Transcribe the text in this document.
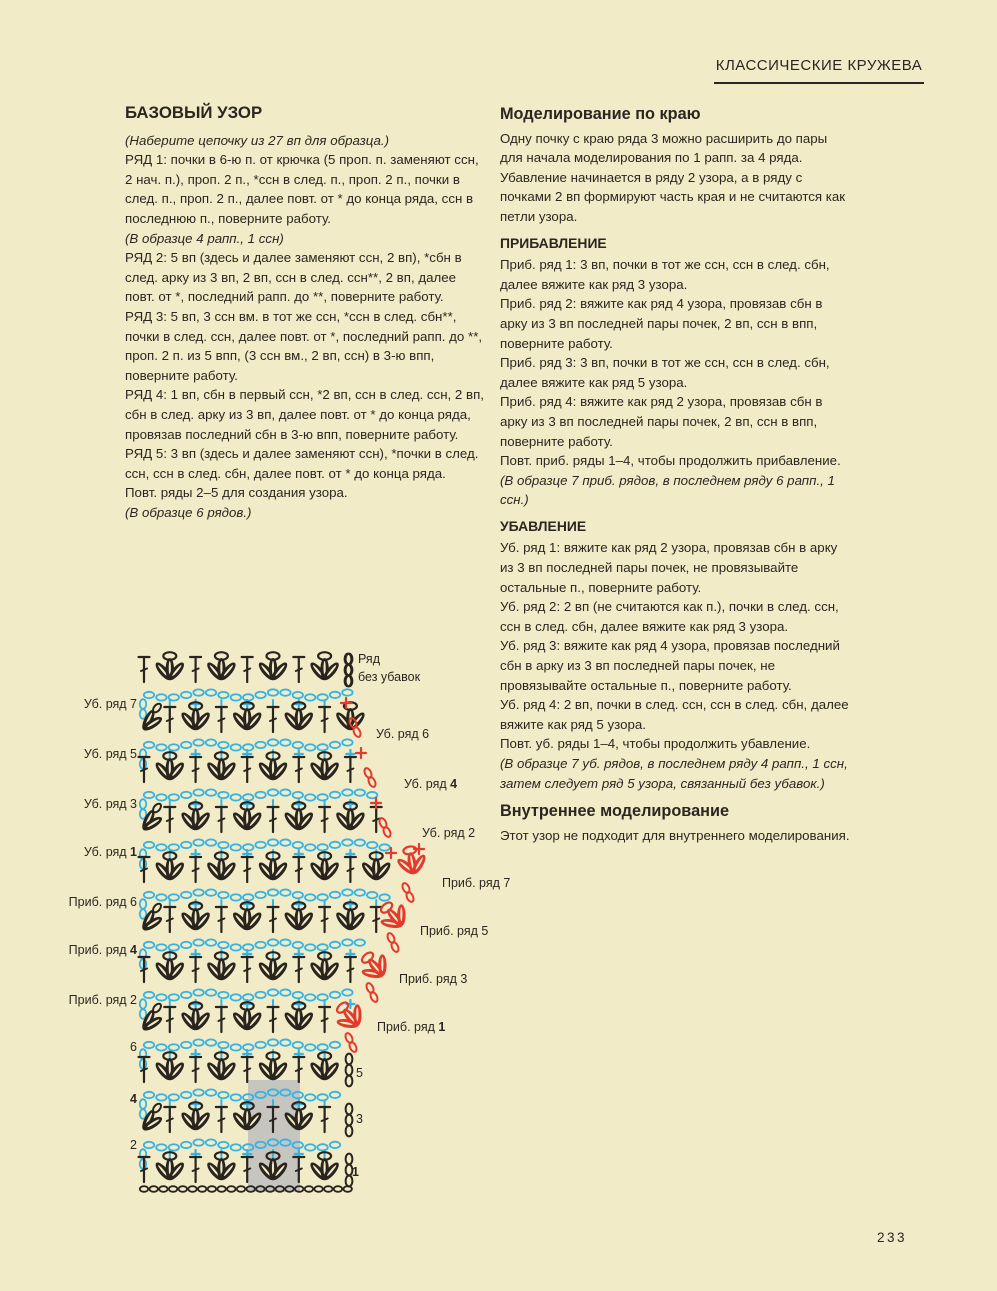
КЛАССИЧЕСКИЕ КРУЖЕВА
БАЗОВЫЙ УЗОР
(Наберите цепочку из 27 вп для образца.)
РЯД 1: почки в 6-ю п. от крючка (5 проп. п. заменяют ссн, 2 нач. п.), проп. 2 п., *ссн в след. п., проп. 2 п., почки в след. п., проп. 2 п., далее повт. от * до конца ряда, ссн в последнюю п., поверните работу.
(В образце 4 рапп., 1 ссн)
РЯД 2: 5 вп (здесь и далее заменяют ссн, 2 вп), *сбн в след. арку из 3 вп, 2 вп, ссн в след. ссн**, 2 вп, далее повт. от *, последний рапп. до **, поверните работу.
РЯД 3: 5 вп, 3 ссн вм. в тот же ссн, *ссн в след. сбн**, почки в след. ссн, далее повт. от *, последний рапп. до **, проп. 2 п. из 5 впп, (3 ссн вм., 2 вп, ссн) в 3-ю впп, поверните работу.
РЯД 4: 1 вп, сбн в первый ссн, *2 вп, ссн в след. ссн, 2 вп, сбн в след. арку из 3 вп, далее повт. от * до конца ряда, провязав последний сбн в 3-ю впп, поверните работу.
РЯД 5: 3 вп (здесь и далее заменяют ссн), *почки в след. ссн, ссн в след. сбн, далее повт. от * до конца ряда.
Повт. ряды 2–5 для создания узора.
(В образце 6 рядов.)
Моделирование по краю
Одну почку с краю ряда 3 можно расширить до пары для начала моделирования по 1 рапп. за 4 ряда. Убавление начинается в ряду 2 узора, а в ряду с почками 2 вп формируют часть края и не считаются как петли узора.
ПРИБАВЛЕНИЕ
Приб. ряд 1: 3 вп, почки в тот же ссн, ссн в след. сбн, далее вяжите как ряд 3 узора.
Приб. ряд 2: вяжите как ряд 4 узора, провязав сбн в арку из 3 вп последней пары почек, 2 вп, ссн в впп, поверните работу.
Приб. ряд 3: 3 вп, почки в тот же ссн, ссн в след. сбн, далее вяжите как ряд 5 узора.
Приб. ряд 4: вяжите как ряд 2 узора, провязав сбн в арку из 3 вп последней пары почек, 2 вп, ссн в впп, поверните работу.
Повт. приб. ряды 1–4, чтобы продолжить прибавление.
(В образце 7 приб. рядов, в последнем ряду 6 рапп., 1 ссн.)
УБАВЛЕНИЕ
Уб. ряд 1: вяжите как ряд 2 узора, провязав сбн в арку из 3 вп последней пары почек, не провязывайте остальные п., поверните работу.
Уб. ряд 2: 2 вп (не считаются как п.), почки в след. ссн, ссн в след. сбн, далее вяжите как ряд 3 узора.
Уб. ряд 3: вяжите как ряд 4 узора, провязав последний сбн в арку из 3 вп последней пары почек, не провязывайте остальные п., поверните работу.
Уб. ряд 4: 2 вп, почки в след. ссн, ссн в след. сбн, далее вяжите как ряд 5 узора.
Повт. уб. ряды 1–4, чтобы продолжить убавление.
(В образце 7 уб. рядов, в последнем ряду 4 рапп., 1 ссн, затем следует ряд 5 узора, связанный без убавок.)
Внутреннее моделирование
Этот узор не подходит для внутреннего моделирования.
Уб. ряд 7
Уб. ряд 5
Уб. ряд 3
Уб. ряд 1
Приб. ряд 6
Приб. ряд 4
Приб. ряд 2
6
4
2
Уб. ряд 6
Уб. ряд 4
Уб. ряд 2
Приб. ряд 7
Приб. ряд 5
Приб. ряд 3
Приб. ряд 1
5
3
1
Ряд
без убавок
233
